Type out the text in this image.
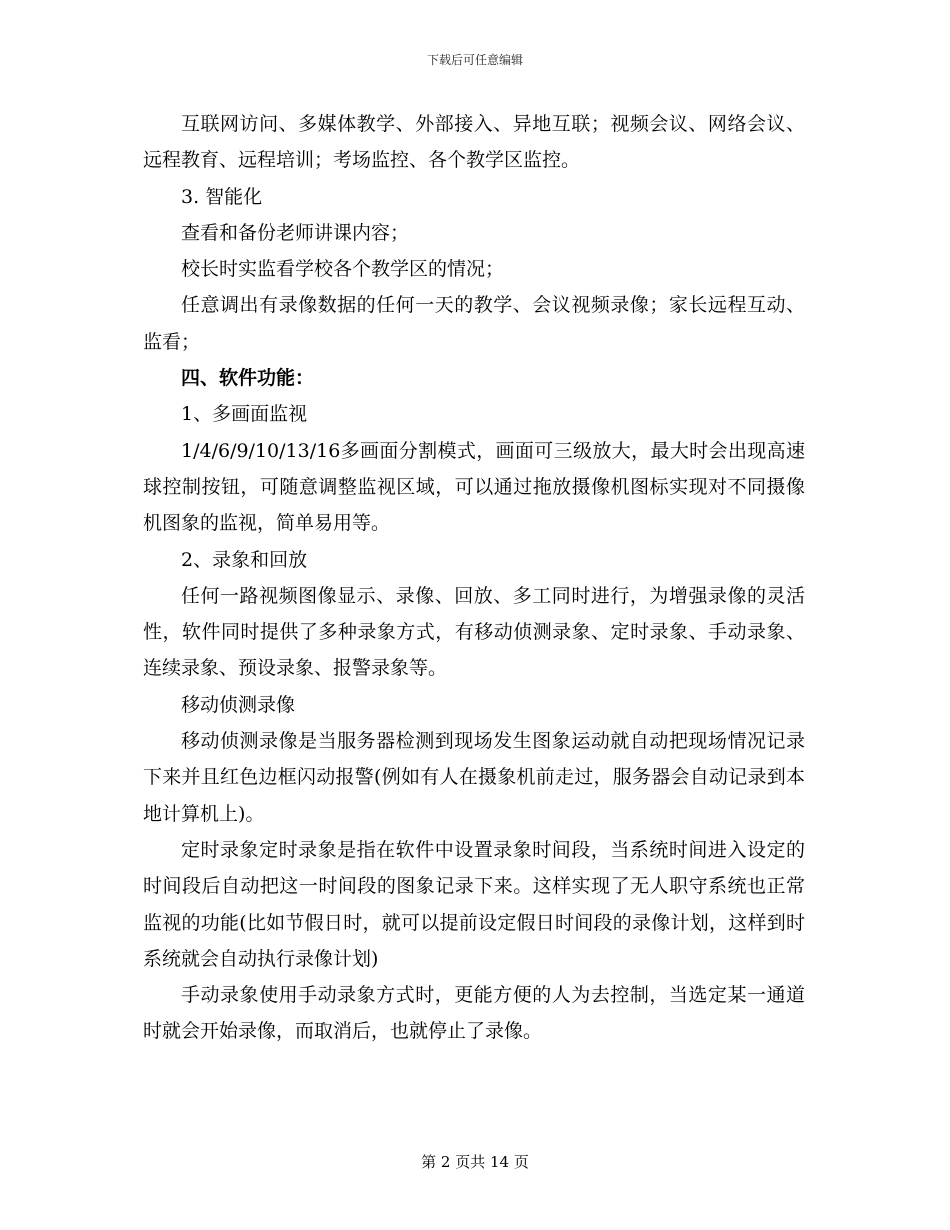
下载后可任意编辑

互联网访问、多媒体教学、外部接入、异地互联；视频会议、网络会议、远程教育、远程培训；考场监控、各个教学区监控。

3. 智能化

查看和备份老师讲课内容；

校长时实监看学校各个教学区的情况；

任意调出有录像数据的任何一天的教学、会议视频录像；家长远程互动、监看；

四、软件功能：

1、多画面监视

1/4/6/9/10/13/16多画面分割模式，画面可三级放大，最大时会出现高速球控制按钮，可随意调整监视区域，可以通过拖放摄像机图标实现对不同摄像机图象的监视，简单易用等。

2、录象和回放

任何一路视频图像显示、录像、回放、多工同时进行，为增强录像的灵活性，软件同时提供了多种录象方式，有移动侦测录象、定时录象、手动录象、连续录象、预设录象、报警录象等。

移动侦测录像

移动侦测录像是当服务器检测到现场发生图象运动就自动把现场情况记录下来并且红色边框闪动报警(例如有人在摄象机前走过，服务器会自动记录到本地计算机上)。

定时录象定时录象是指在软件中设置录象时间段，当系统时间进入设定的时间段后自动把这一时间段的图象记录下来。这样实现了无人职守系统也正常监视的功能(比如节假日时，就可以提前设定假日时间段的录像计划，这样到时系统就会自动执行录像计划)

手动录象使用手动录象方式时，更能方便的人为去控制，当选定某一通道时就会开始录像，而取消后，也就停止了录像。

第 2 页共 14 页
